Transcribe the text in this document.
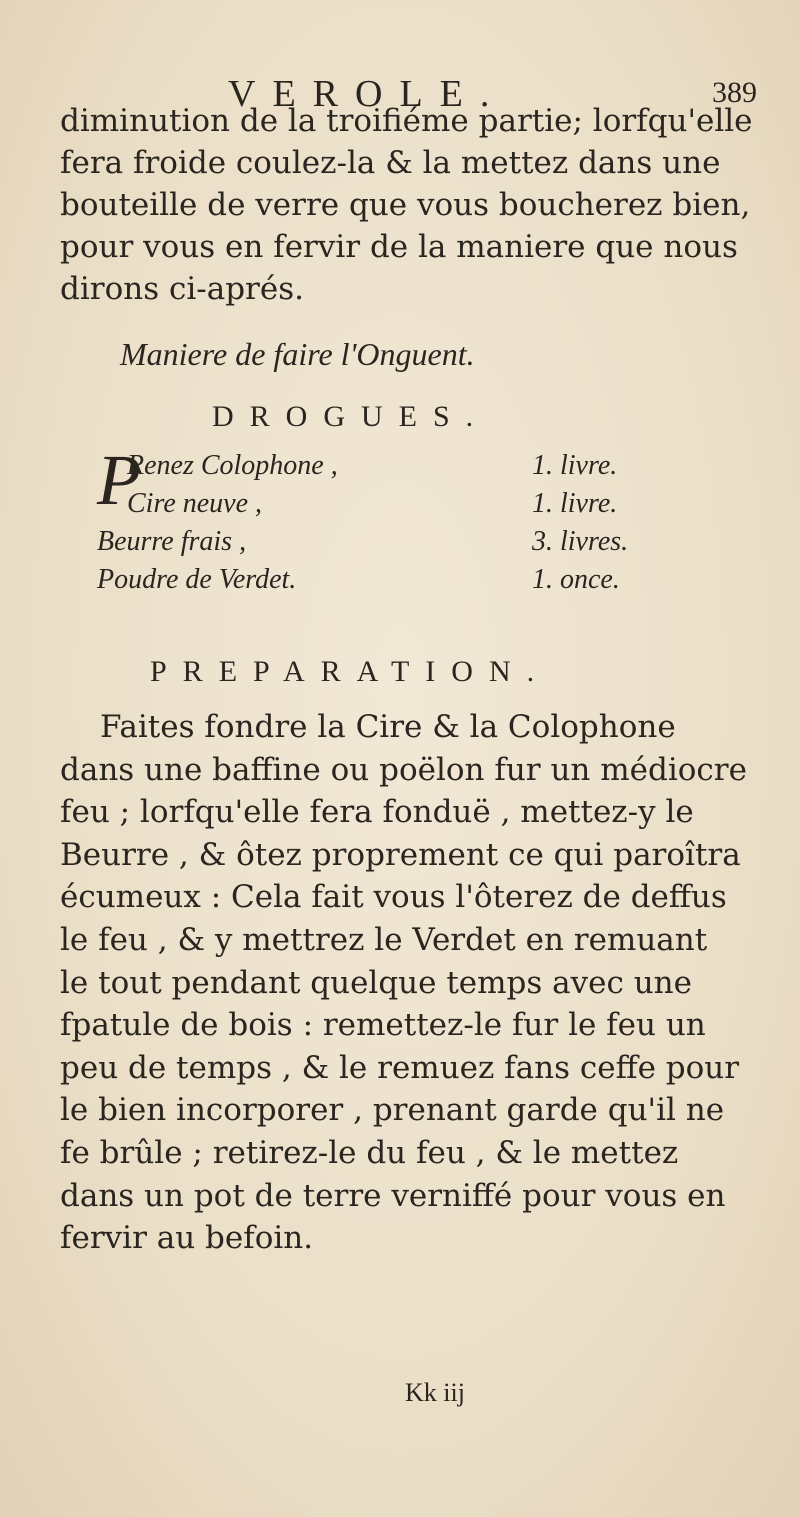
VEROLE.	389
diminution de la troifiéme partie; lorfqu'elle
fera froide coulez-la & la mettez dans une
bouteille de verre que vous boucherez bien,
pour vous en fervir de la maniere que nous
dirons ci-aprés.
Maniere de faire l'Onguent.
DROGUES.
P
Renez Colophone ,	1. livre.
Cire neuve ,	1. livre.
Beurre frais ,	3. livres.
Poudre de Verdet.	1. once.
PREPARATION.
Faites fondre la Cire & la Colophone
dans une baffine ou poëlon fur un médiocre
feu ; lorfqu'elle fera fonduë , mettez-y le
Beurre , & ôtez proprement ce qui paroîtra
écumeux : Cela fait vous l'ôterez de deffus
le feu , & y mettrez le Verdet en remuant
le tout pendant quelque temps avec une
fpatule de bois : remettez-le fur le feu un
peu de temps , & le remuez fans ceffe pour
le bien incorporer , prenant garde qu'il ne
fe brûle ; retirez-le du feu , & le mettez
dans un pot de terre verniffé pour vous en
fervir au befoin.
Kk iij
